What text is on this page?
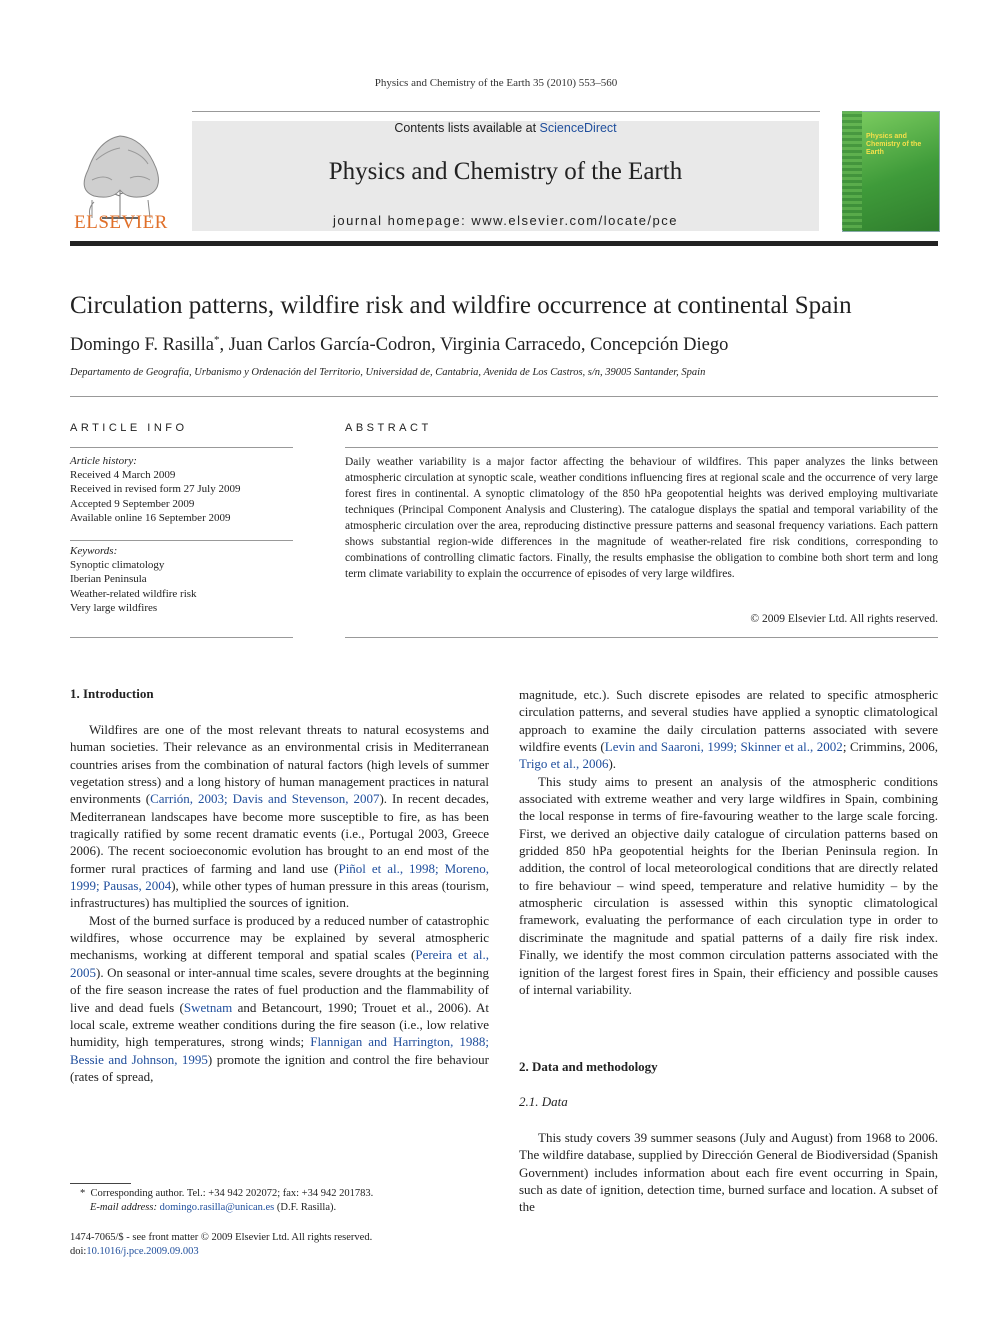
Physics and Chemistry of the Earth 35 (2010) 553–560
ELSEVIER
Contents lists available at ScienceDirect
Physics and Chemistry of the Earth
journal homepage: www.elsevier.com/locate/pce
Physics and Chemistry of the Earth
Circulation patterns, wildfire risk and wildfire occurrence at continental Spain
Domingo F. Rasilla*, Juan Carlos García-Codron, Virginia Carracedo, Concepción Diego
Departamento de Geografía, Urbanismo y Ordenación del Territorio, Universidad de, Cantabria, Avenida de Los Castros, s/n, 39005 Santander, Spain
ARTICLE INFO
Article history:
Received 4 March 2009
Received in revised form 27 July 2009
Accepted 9 September 2009
Available online 16 September 2009
Keywords:
Synoptic climatology
Iberian Peninsula
Weather-related wildfire risk
Very large wildfires
ABSTRACT
Daily weather variability is a major factor affecting the behaviour of wildfires. This paper analyzes the links between atmospheric circulation at synoptic scale, weather conditions influencing fires at regional scale and the occurrence of very large forest fires in continental. A synoptic climatology of the 850 hPa geopotential heights was derived employing multivariate techniques (Principal Component Analysis and Clustering). The catalogue displays the spatial and temporal variability of the atmospheric circulation over the area, reproducing distinctive pressure patterns and seasonal frequency variations. Each pattern shows substantial region-wide differences in the magnitude of weather-related fire risk conditions, corresponding to combinations of controlling climatic factors. Finally, the results emphasise the obligation to combine both short term and long term climate variability to explain the occurrence of episodes of very large wildfires.
© 2009 Elsevier Ltd. All rights reserved.
1. Introduction

Wildfires are one of the most relevant threats to natural ecosystems and human societies. Their relevance as an environmental crisis in Mediterranean countries arises from the combination of natural factors (high levels of summer vegetation stress) and a long history of human management practices in natural environments (Carrión, 2003; Davis and Stevenson, 2007). In recent decades, Mediterranean landscapes have become more susceptible to fire, as has been tragically ratified by some recent dramatic events (i.e., Portugal 2003, Greece 2006). The recent socioeconomic evolution has brought to an end most of the former rural practices of farming and land use (Piñol et al., 1998; Moreno, 1999; Pausas, 2004), while other types of human pressure in this areas (tourism, infrastructures) has multiplied the sources of ignition.

Most of the burned surface is produced by a reduced number of catastrophic wildfires, whose occurrence may be explained by several atmospheric mechanisms, working at different temporal and spatial scales (Pereira et al., 2005). On seasonal or inter-annual time scales, severe droughts at the beginning of the fire season increase the rates of fuel production and the flammability of live and dead fuels (Swetnam and Betancourt, 1990; Trouet et al., 2006). At local scale, extreme weather conditions during the fire season (i.e., low relative humidity, high temperatures, strong winds; Flannigan and Harrington, 1988; Bessie and Johnson, 1995) promote the ignition and control the fire behaviour (rates of spread,

magnitude, etc.). Such discrete episodes are related to specific atmospheric circulation patterns, and several studies have applied a synoptic climatological approach to examine the daily circulation patterns associated with severe wildfire events (Levin and Saaroni, 1999; Skinner et al., 2002; Crimmins, 2006, Trigo et al., 2006).

This study aims to present an analysis of the atmospheric conditions associated with extreme weather and very large wildfires in Spain, combining the local response in terms of fire-favouring weather to the large scale forcing. First, we derived an objective daily catalogue of circulation patterns based on gridded 850 hPa geopotential heights for the Iberian Peninsula region. In addition, the control of local meteorological conditions that are directly related to fire behaviour – wind speed, temperature and relative humidity – by the atmospheric circulation is assessed within this synoptic climatological framework, evaluating the performance of each circulation type in order to discriminate the magnitude and spatial patterns of a daily fire risk index. Finally, we identify the most common circulation patterns associated with the ignition of the largest forest fires in Spain, their efficiency and possible causes of internal variability.

2. Data and methodology
2.1. Data

This study covers 39 summer seasons (July and August) from 1968 to 2006. The wildfire database, supplied by Dirección General de Biodiversidad (Spanish Government) includes information about each fire event occurring in Spain, such as date of ignition, detection time, burned surface and location. A subset of the

* Corresponding author. Tel.: +34 942 202072; fax: +34 942 201783.
E-mail address: domingo.rasilla@unican.es (D.F. Rasilla).
1474-7065/$ - see front matter © 2009 Elsevier Ltd. All rights reserved.
doi:10.1016/j.pce.2009.09.003
